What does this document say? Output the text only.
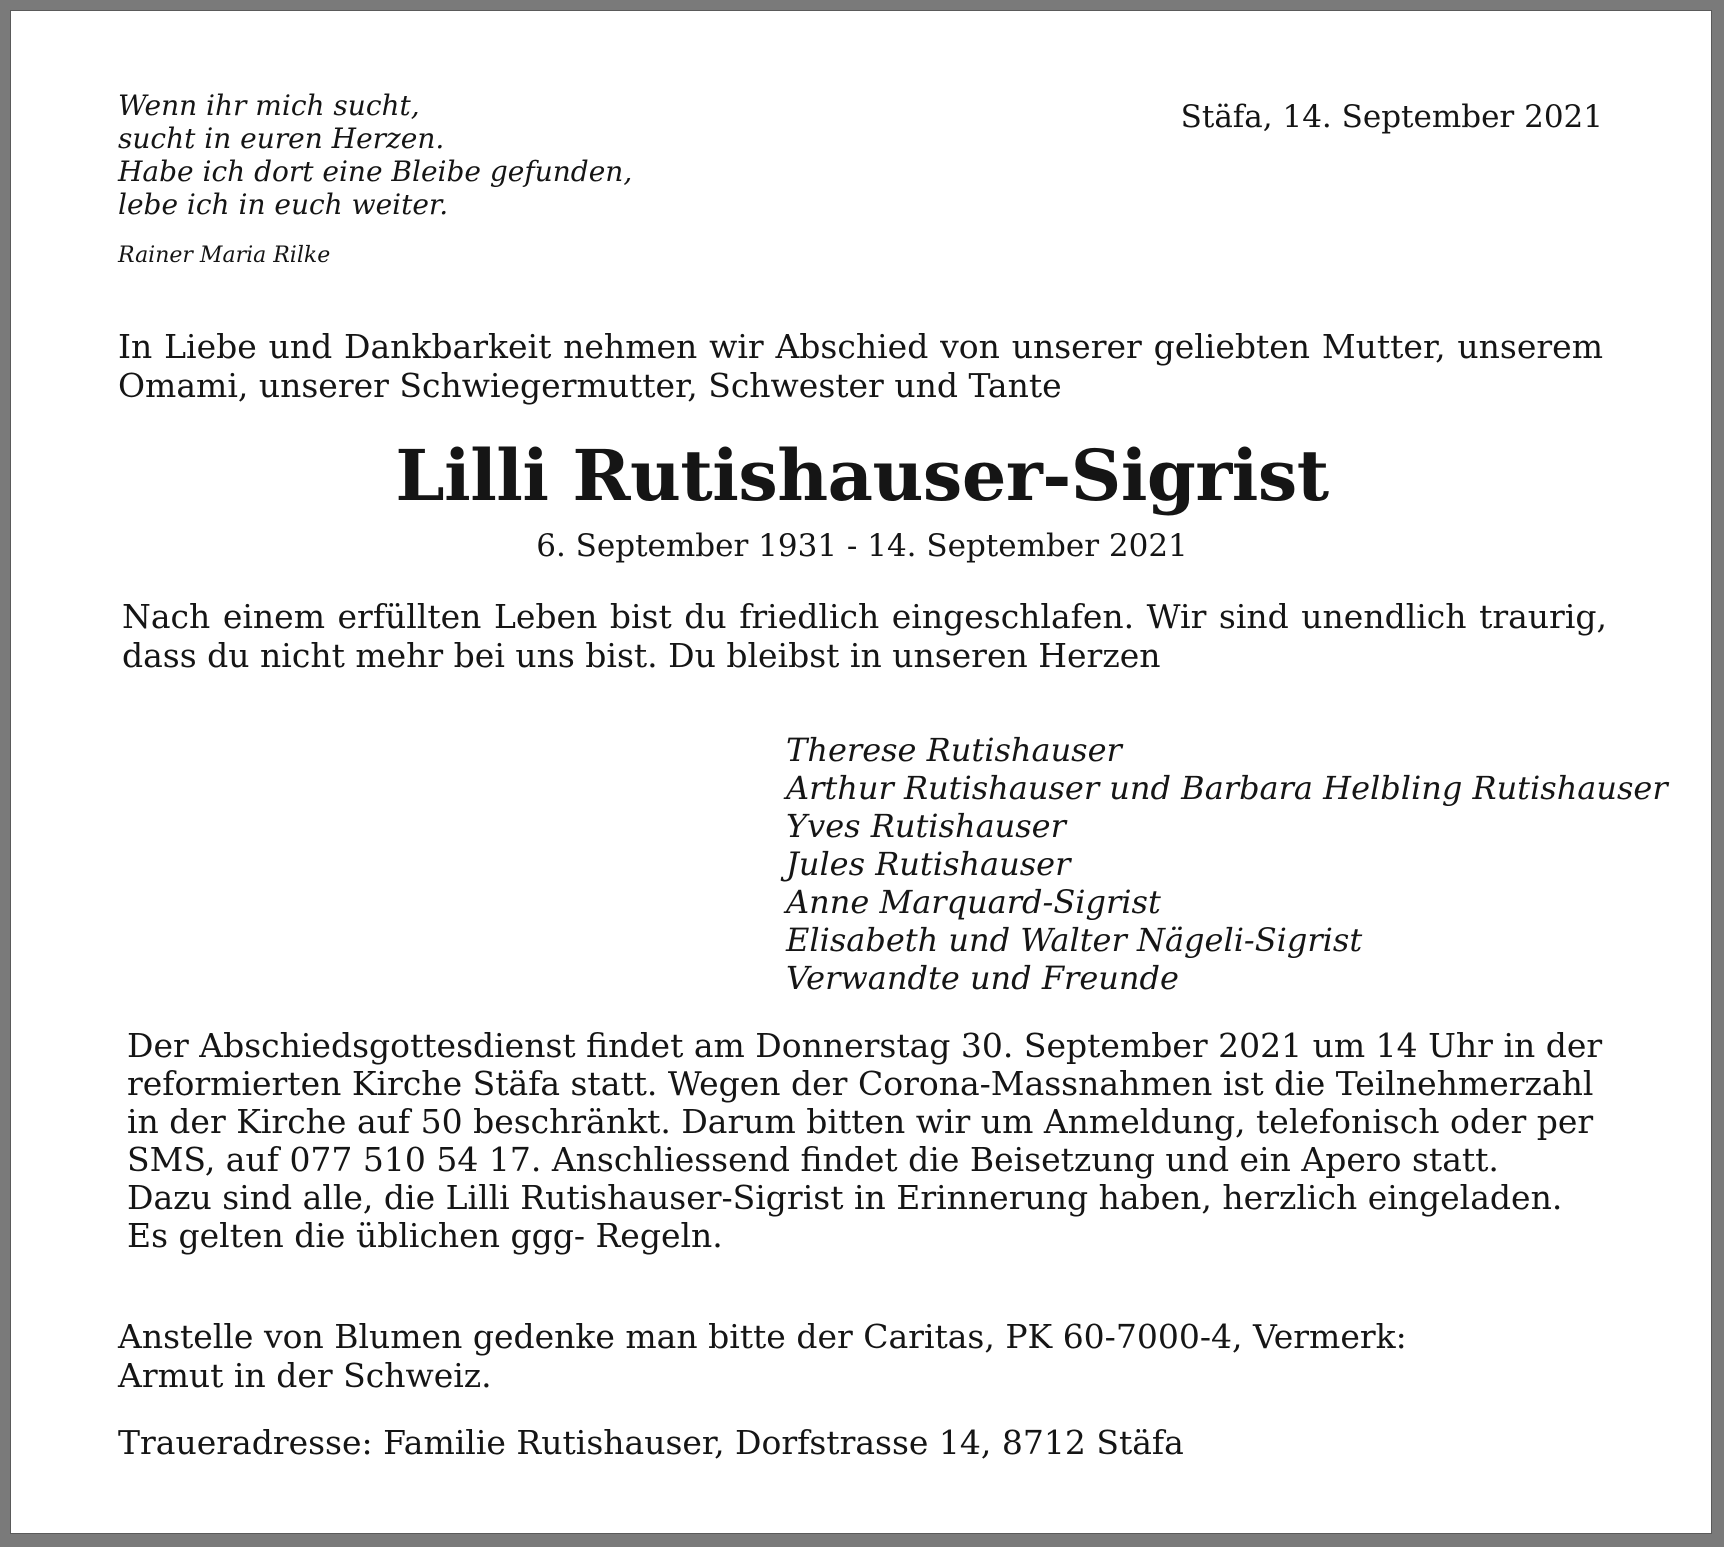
Wenn ihr mich sucht,
sucht in euren Herzen.
Habe ich dort eine Bleibe gefunden,
lebe ich in euch weiter.
Rainer Maria Rilke
Stäfa, 14. September 2021

In Liebe und Dankbarkeit nehmen wir Abschied von unserer geliebten Mutter, unserem Omami, unserer Schwiegermutter, Schwester und Tante

Lilli Rutishauser-Sigrist
6. September 1931 - 14. September 2021

Nach einem erfüllten Leben bist du friedlich eingeschlafen. Wir sind unendlich traurig, dass du nicht mehr bei uns bist. Du bleibst in unseren Herzen

Therese Rutishauser
Arthur Rutishauser und Barbara Helbling Rutishauser
Yves Rutishauser
Jules Rutishauser
Anne Marquard-Sigrist
Elisabeth und Walter Nägeli-Sigrist
Verwandte und Freunde
Der Abschiedsgottesdienst findet am Donnerstag 30. September 2021 um 14 Uhr in der
reformierten Kirche Stäfa statt. Wegen der Corona-Massnahmen ist die Teilnehmerzahl
in der Kirche auf 50 beschränkt. Darum bitten wir um Anmeldung, telefonisch oder per
SMS, auf 077 510 54 17. Anschliessend findet die Beisetzung und ein Apero statt.
Dazu sind alle, die Lilli Rutishauser-Sigrist in Erinnerung haben, herzlich eingeladen.
Es gelten die üblichen ggg- Regeln.
Anstelle von Blumen gedenke man bitte der Caritas, PK 60-7000-4, Vermerk:
Armut in der Schweiz.
Traueradresse: Familie Rutishauser, Dorfstrasse 14, 8712 Stäfa
